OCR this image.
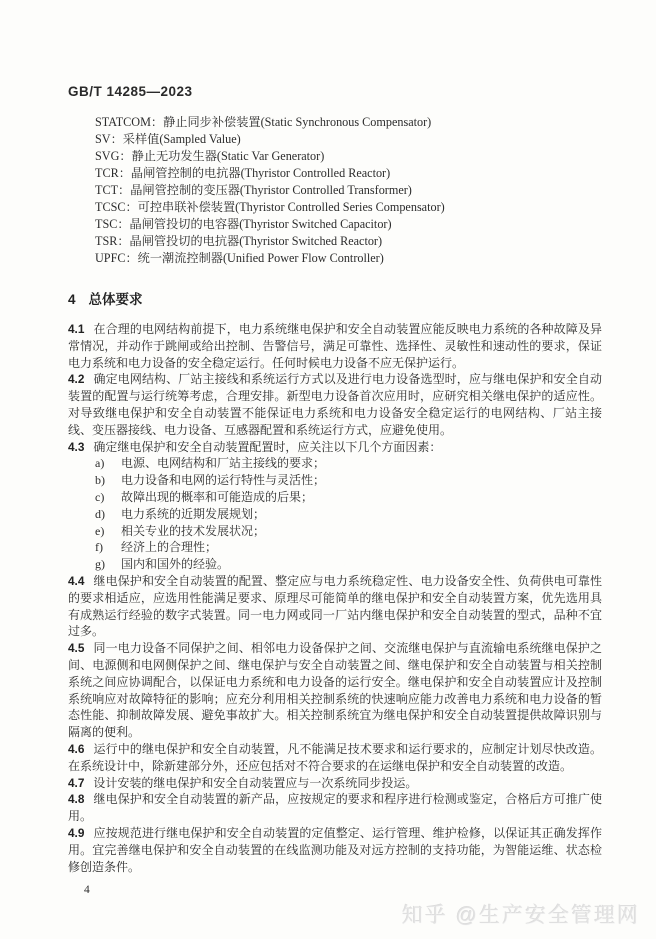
GB/T 14285—2023
STATCOM：静止同步补偿装置(Static Synchronous Compensator)
SV：采样值(Sampled Value)
SVG：静止无功发生器(Static Var Generator)
TCR：晶闸管控制的电抗器(Thyristor Controlled Reactor)
TCT：晶闸管控制的变压器(Thyristor Controlled Transformer)
TCSC：可控串联补偿装置(Thyristor Controlled Series Compensator)
TSC：晶闸管投切的电容器(Thyristor Switched Capacitor)
TSR：晶闸管投切的电抗器(Thyristor Switched Reactor)
UPFC：统一潮流控制器(Unified Power Flow Controller)
4 总体要求

4.1 在合理的电网结构前提下，电力系统继电保护和安全自动装置应能反映电力系统的各种故障及异常情况，并动作于跳闸或给出控制、告警信号，满足可靠性、选择性、灵敏性和速动性的要求，保证电力系统和电力设备的安全稳定运行。任何时候电力设备不应无保护运行。

4.2 确定电网结构、厂站主接线和系统运行方式以及进行电力设备选型时，应与继电保护和安全自动装置的配置与运行统筹考虑，合理安排。新型电力设备首次应用时，应研究相关继电保护的适应性。对导致继电保护和安全自动装置不能保证电力系统和电力设备安全稳定运行的电网结构、厂站主接线、变压器接线、电力设备、互感器配置和系统运行方式，应避免使用。

4.3 确定继电保护和安全自动装置配置时，应关注以下几个方面因素：

a) 电源、电网结构和厂站主接线的要求；

b) 电力设备和电网的运行特性与灵活性；

c) 故障出现的概率和可能造成的后果；

d) 电力系统的近期发展规划；

e) 相关专业的技术发展状况；

f) 经济上的合理性；

g) 国内和国外的经验。

4.4 继电保护和安全自动装置的配置、整定应与电力系统稳定性、电力设备安全性、负荷供电可靠性的要求相适应，应选用性能满足要求、原理尽可能简单的继电保护和安全自动装置方案，优先选用具有成熟运行经验的数字式装置。同一电力网或同一厂站内继电保护和安全自动装置的型式，品种不宜过多。

4.5 同一电力设备不同保护之间、相邻电力设备保护之间、交流继电保护与直流输电系统继电保护之间、电源侧和电网侧保护之间、继电保护与安全自动装置之间、继电保护和安全自动装置与相关控制系统之间应协调配合，以保证电力系统和电力设备的运行安全。继电保护和安全自动装置应计及控制系统响应对故障特征的影响；应充分利用相关控制系统的快速响应能力改善电力系统和电力设备的暂态性能、抑制故障发展、避免事故扩大。相关控制系统宜为继电保护和安全自动装置提供故障识别与隔离的便利。

4.6 运行中的继电保护和安全自动装置，凡不能满足技术要求和运行要求的，应制定计划尽快改造。在系统设计中，除新建部分外，还应包括对不符合要求的在运继电保护和安全自动装置的改造。

4.7 设计安装的继电保护和安全自动装置应与一次系统同步投运。

4.8 继电保护和安全自动装置的新产品，应按规定的要求和程序进行检测或鉴定，合格后方可推广使用。

4.9 应按规范进行继电保护和安全自动装置的定值整定、运行管理、维护检修，以保证其正确发挥作用。宜完善继电保护和安全自动装置的在线监测功能及对远方控制的支持功能，为智能运维、状态检修创造条件。

4
知乎 @生产安全管理网
